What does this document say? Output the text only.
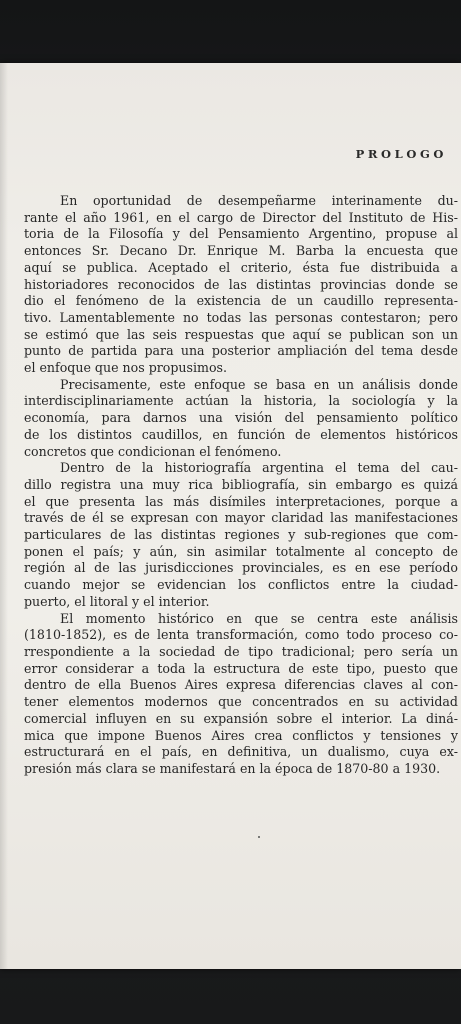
PROLOGO
En oportunidad de desempeñarme interinamente du-
rante el año 1961, en el cargo de Director del Instituto de His-
toria de la Filosofía y del Pensamiento Argentino, propuse al
entonces Sr. Decano Dr. Enrique M. Barba la encuesta que
aquí se publica. Aceptado el criterio, ésta fue distribuida a
historiadores reconocidos de las distintas provincias donde se
dio el fenómeno de la existencia de un caudillo representa-
tivo. Lamentablemente no todas las personas contestaron; pero
se estimó que las seis respuestas que aquí se publican son un
punto de partida para una posterior ampliación del tema desde
el enfoque que nos propusimos.
Precisamente, este enfoque se basa en un análisis donde
interdisciplinariamente actúan la historia, la sociología y la
economía, para darnos una visión del pensamiento político
de los distintos caudillos, en función de elementos históricos
concretos que condicionan el fenómeno.
Dentro de la historiografía argentina el tema del cau-
dillo registra una muy rica bibliografía, sin embargo es quizá
el que presenta las más disímiles interpretaciones, porque a
través de él se expresan con mayor claridad las manifestaciones
particulares de las distintas regiones y sub-regiones que com-
ponen el país; y aún, sin asimilar totalmente al concepto de
región al de las jurisdicciones provinciales, es en ese período
cuando mejor se evidencian los conflictos entre la ciudad-
puerto, el litoral y el interior.
El momento histórico en que se centra este análisis
(1810-1852), es de lenta transformación, como todo proceso co-
rrespondiente a la sociedad de tipo tradicional; pero sería un
error considerar a toda la estructura de este tipo, puesto que
dentro de ella Buenos Aires expresa diferencias claves al con-
tener elementos modernos que concentrados en su actividad
comercial influyen en su expansión sobre el interior. La diná-
mica que impone Buenos Aires crea conflictos y tensiones y
estructurará en el país, en definitiva, un dualismo, cuya ex-
presión más clara se manifestará en la época de 1870-80 a 1930.
